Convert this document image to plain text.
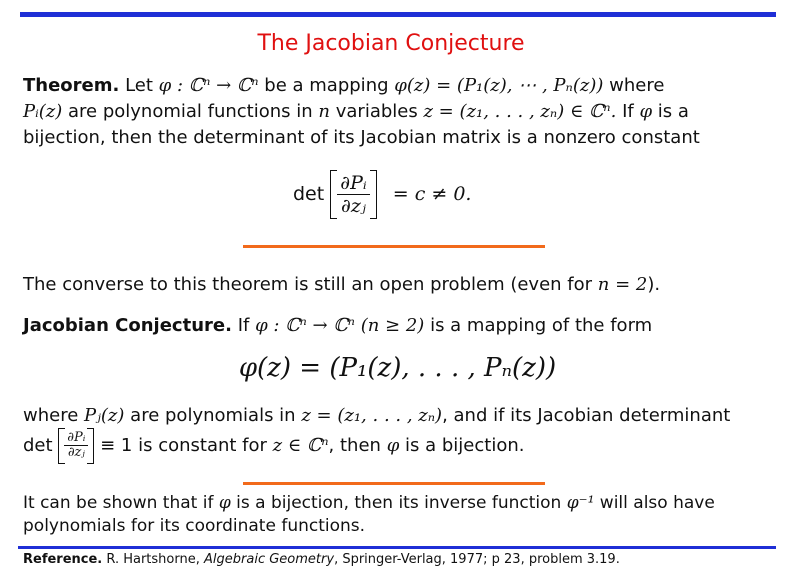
The Jacobian Conjecture
Theorem. Let φ : ℂⁿ → ℂⁿ be a mapping φ(z) = (P₁(z), ⋯ , Pₙ(z)) where
Pᵢ(z) are polynomial functions in n variables z = (z₁, . . . , zₙ) ∈ ℂⁿ. If φ is a
bijection, then the determinant of its Jacobian matrix is a nonzero constant
$\det \frac{\text{∂Pᵢ}}{\text{∂zⱼ}} = c \ne 0$.
The converse to this theorem is still an open problem (even for n = 2).
Jacobian Conjecture. If φ : ℂⁿ → ℂⁿ (n ≥ 2) is a mapping of the form
φ(z) = (P₁(z), . . . , Pₙ(z))
where Pⱼ(z) are polynomials in z = (z₁, . . . , zₙ), and if its Jacobian determinant
$\det \frac{\text{∂Pᵢ}}{\text{∂zⱼ}} \equiv 1$ is constant for z ∈ ℂⁿ, then φ is a bijection.
It can be shown that if φ is a bijection, then its inverse function φ⁻¹ will also have
polynomials for its coordinate functions.
Reference. R. Hartshorne, Algebraic Geometry, Springer-Verlag, 1977; p 23, problem 3.19.
